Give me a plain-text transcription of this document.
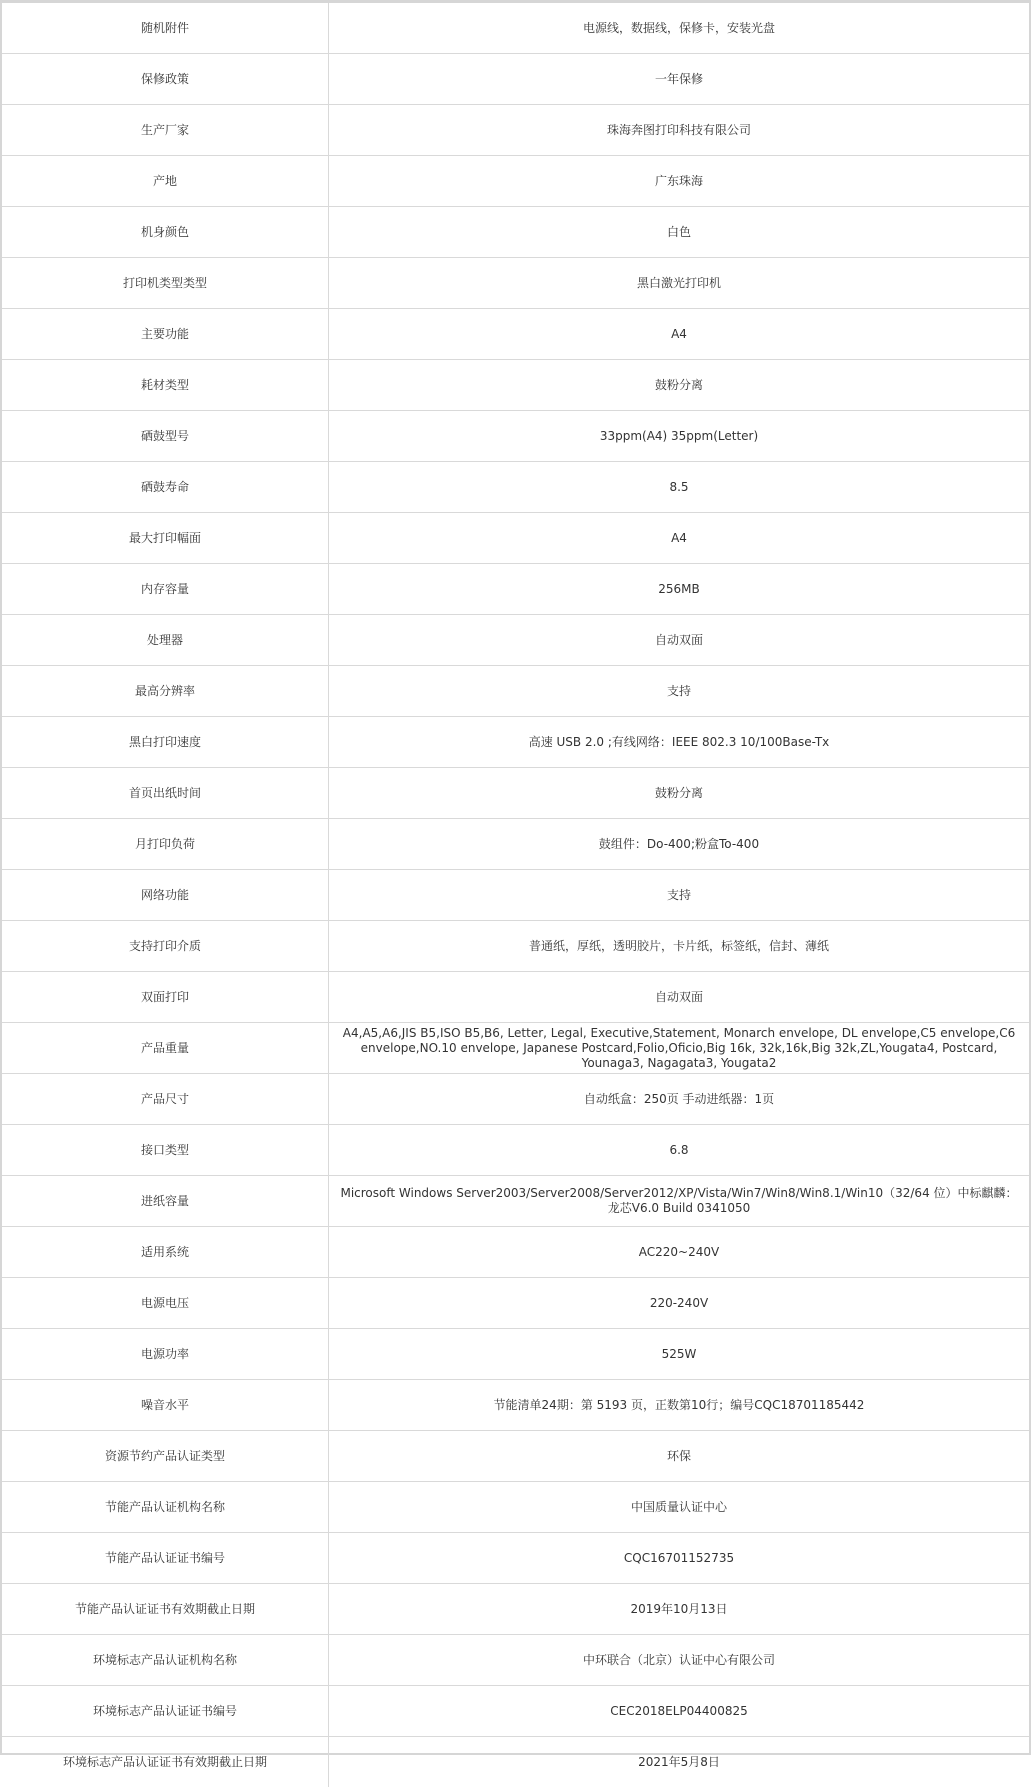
随机附件	电源线，数据线，保修卡，安装光盘
保修政策	一年保修
生产厂家	珠海奔图打印科技有限公司
产地	广东珠海
机身颜色	白色
打印机类型类型	黑白激光打印机
主要功能	A4
耗材类型	鼓粉分离
硒鼓型号	33ppm(A4) 35ppm(Letter)
硒鼓寿命	8.5
最大打印幅面	A4
内存容量	256MB
处理器	自动双面
最高分辨率	支持
黑白打印速度	高速 USB 2.0 ;有线网络：IEEE 802.3 10/100Base-Tx
首页出纸时间	鼓粉分离
月打印负荷	鼓组件：Do-400;粉盒To-400
网络功能	支持
支持打印介质	普通纸，厚纸，透明胶片，卡片纸，标签纸，信封、薄纸
双面打印	自动双面
产品重量	A4,A5,A6,JIS B5,ISO B5,B6, Letter, Legal, Executive,Statement, Monarch envelope, DL envelope,C5 envelope,C6 envelope,NO.10 envelope, Japanese Postcard,Folio,Oficio,Big 16k, 32k,16k,Big 32k,ZL,Yougata4, Postcard, Younaga3, Nagagata3, Yougata2
产品尺寸	自动纸盒：250页 手动进纸器：1页
接口类型	6.8
进纸容量	Microsoft Windows Server2003/Server2008/Server2012/XP/Vista/Win7/Win8/Win8.1/Win10（32/64 位）中标麒麟：龙芯V6.0 Build 0341050
适用系统	AC220~240V
电源电压	220-240V
电源功率	525W
噪音水平	节能清单24期：第 5193 页，正数第10行；编号CQC18701185442
资源节约产品认证类型	环保
节能产品认证机构名称	中国质量认证中心
节能产品认证证书编号	CQC16701152735
节能产品认证证书有效期截止日期	2019年10月13日
环境标志产品认证机构名称	中环联合（北京）认证中心有限公司
环境标志产品认证证书编号	CEC2018ELP04400825
环境标志产品认证证书有效期截止日期	2021年5月8日
